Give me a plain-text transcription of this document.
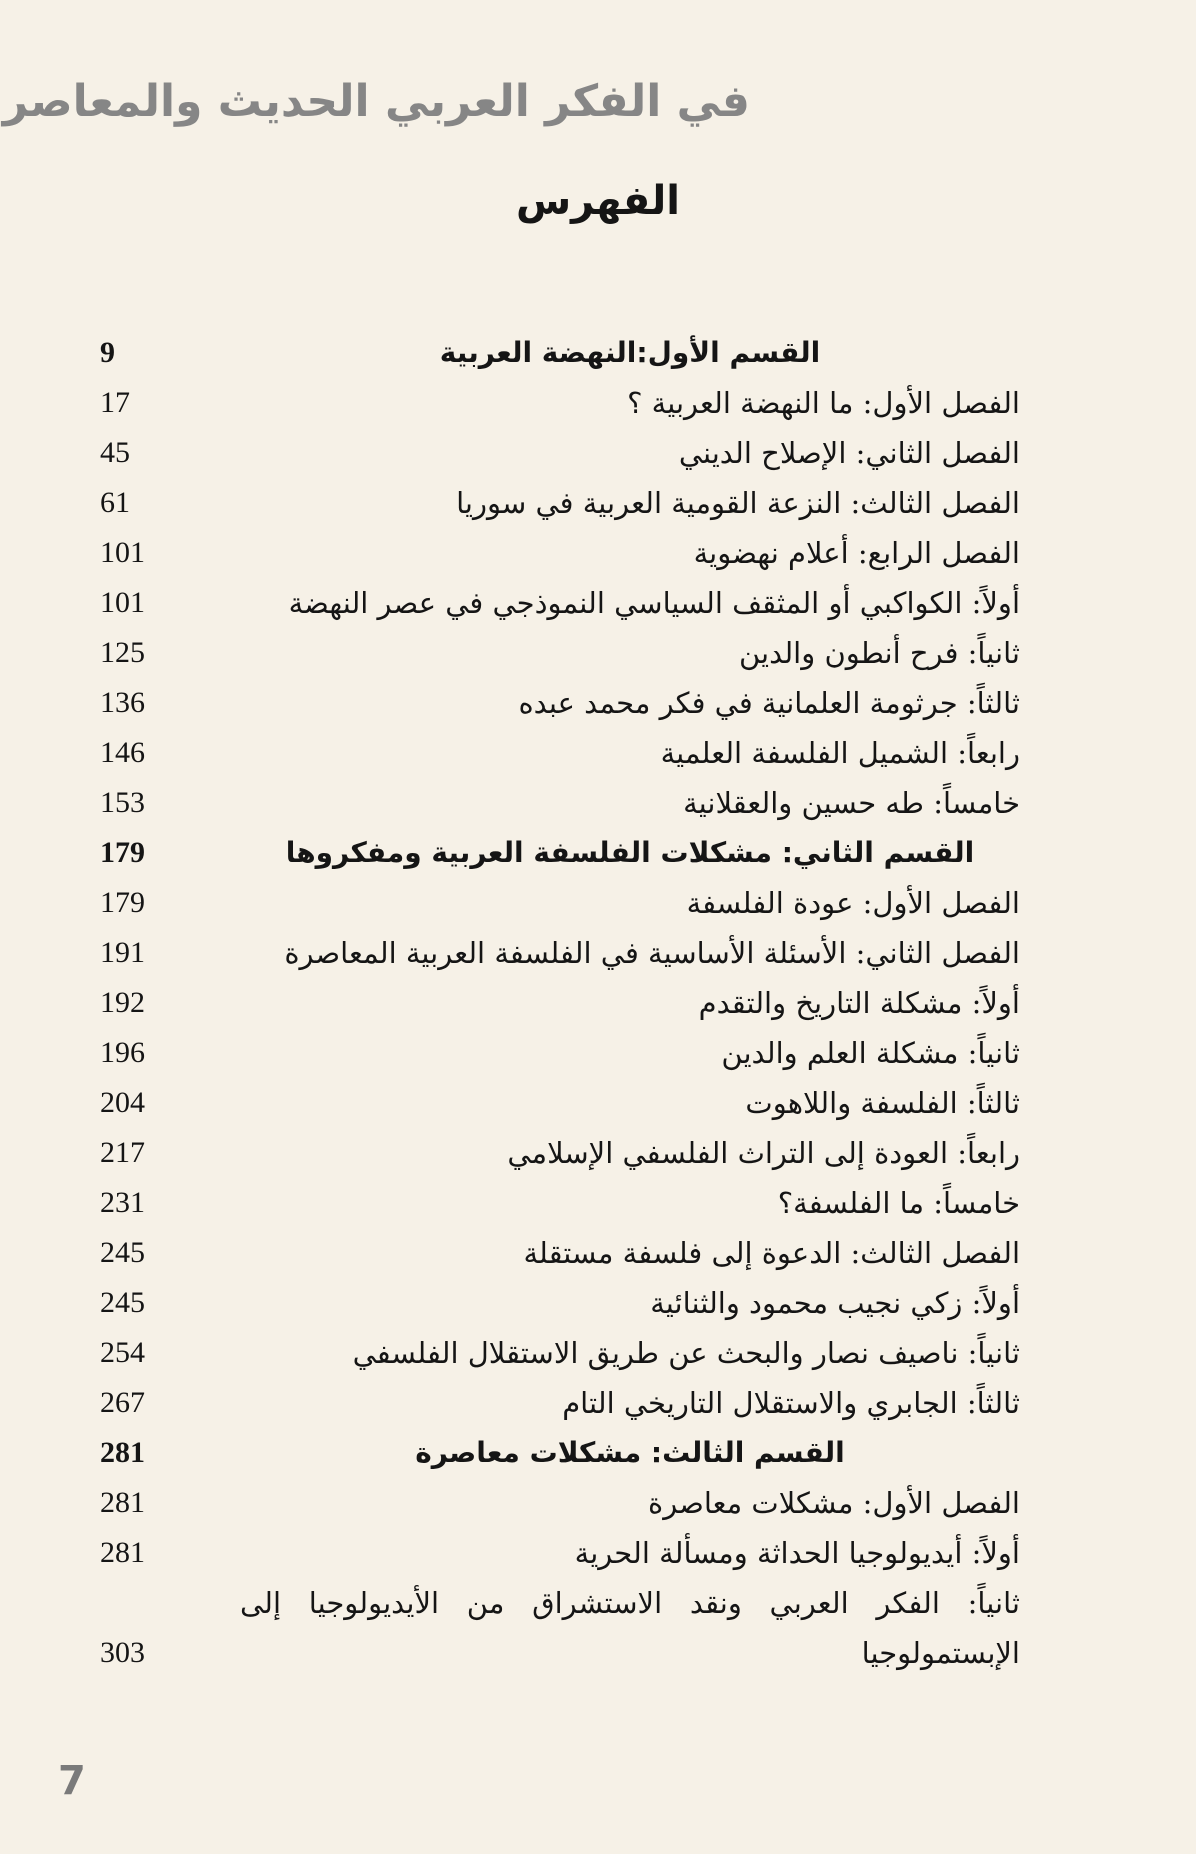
في الفكر العربي الحديث والمعاصر
الفهرس
القسم الأول:النهضة العربية
9
الفصل الأول: ما النهضة العربية ؟
17
الفصل الثاني: الإصلاح الديني
45
الفصل الثالث: النزعة القومية العربية في سوريا
61
الفصل الرابع: أعلام نهضوية
101
أولاً: الكواكبي أو المثقف السياسي النموذجي في عصر النهضة
101
ثانياً: فرح أنطون والدين
125
ثالثاً: جرثومة العلمانية في فكر محمد عبده
136
رابعاً: الشميل الفلسفة العلمية
146
خامساً: طه حسين والعقلانية
153
القسم الثاني: مشكلات الفلسفة العربية ومفكروها
179
الفصل الأول: عودة الفلسفة
179
الفصل الثاني: الأسئلة الأساسية في الفلسفة العربية المعاصرة
191
أولاً: مشكلة التاريخ والتقدم
192
ثانياً: مشكلة العلم والدين
196
ثالثاً: الفلسفة واللاهوت
204
رابعاً: العودة إلى التراث الفلسفي الإسلامي
217
خامساً: ما الفلسفة؟
231
الفصل الثالث: الدعوة إلى فلسفة مستقلة
245
أولاً: زكي نجيب محمود والثنائية
245
ثانياً: ناصيف نصار والبحث عن طريق الاستقلال الفلسفي
254
ثالثاً: الجابري والاستقلال التاريخي التام
267
القسم الثالث: مشكلات معاصرة
281
الفصل الأول: مشكلات معاصرة
281
أولاً: أيديولوجيا الحداثة ومسألة الحرية
281
ثانياً: الفكر العربي ونقد الاستشراق من الأيديولوجيا إلى الإبستمولوجيا
303
7
